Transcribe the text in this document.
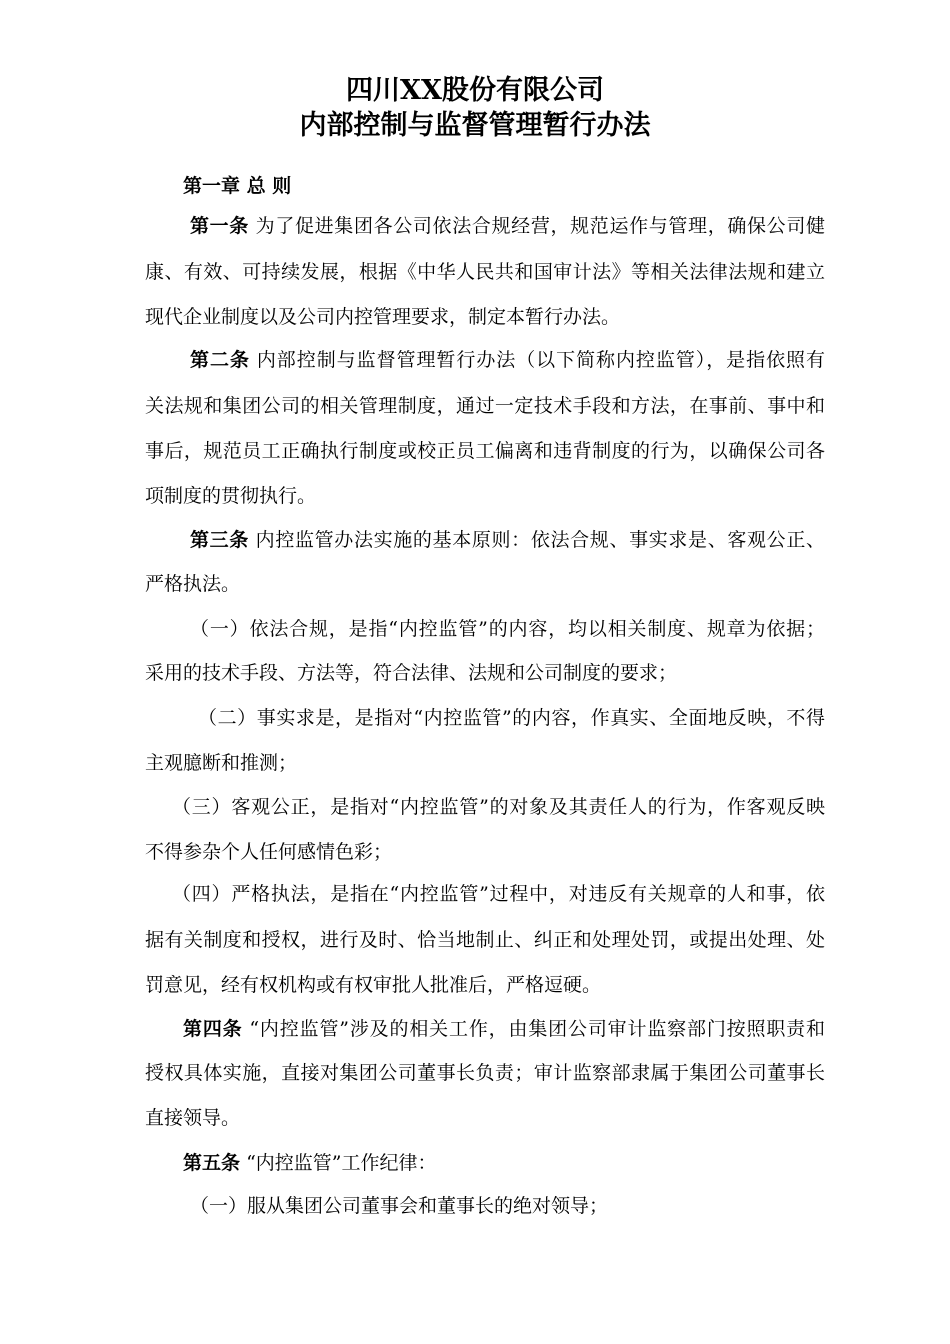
四川XX股份有限公司
内部控制与监督管理暂行办法
第一章 总 则
第一条 为了促进集团各公司依法合规经营，规范运作与管理，确保公司健
康、有效、可持续发展，根据《中华人民共和国审计法》等相关法律法规和建立
现代企业制度以及公司内控管理要求，制定本暂行办法。
第二条 内部控制与监督管理暂行办法（以下简称内控监管），是指依照有
关法规和集团公司的相关管理制度，通过一定技术手段和方法，在事前、事中和
事后，规范员工正确执行制度或校正员工偏离和违背制度的行为，以确保公司各
项制度的贯彻执行。
第三条 内控监管办法实施的基本原则：依法合规、事实求是、客观公正、
严格执法。
（一）依法合规，是指“内控监管”的内容，均以相关制度、规章为依据；
采用的技术手段、方法等，符合法律、法规和公司制度的要求；
（二）事实求是，是指对“内控监管”的内容，作真实、全面地反映，不得
主观臆断和推测；
（三）客观公正，是指对“内控监管”的对象及其责任人的行为，作客观反映
不得参杂个人任何感情色彩；
（四）严格执法，是指在“内控监管”过程中，对违反有关规章的人和事，依
据有关制度和授权，进行及时、恰当地制止、纠正和处理处罚，或提出处理、处
罚意见，经有权机构或有权审批人批准后，严格逗硬。
第四条 “内控监管”涉及的相关工作，由集团公司审计监察部门按照职责和
授权具体实施，直接对集团公司董事长负责；审计监察部隶属于集团公司董事长
直接领导。
第五条 “内控监管”工作纪律：
（一）服从集团公司董事会和董事长的绝对领导；
